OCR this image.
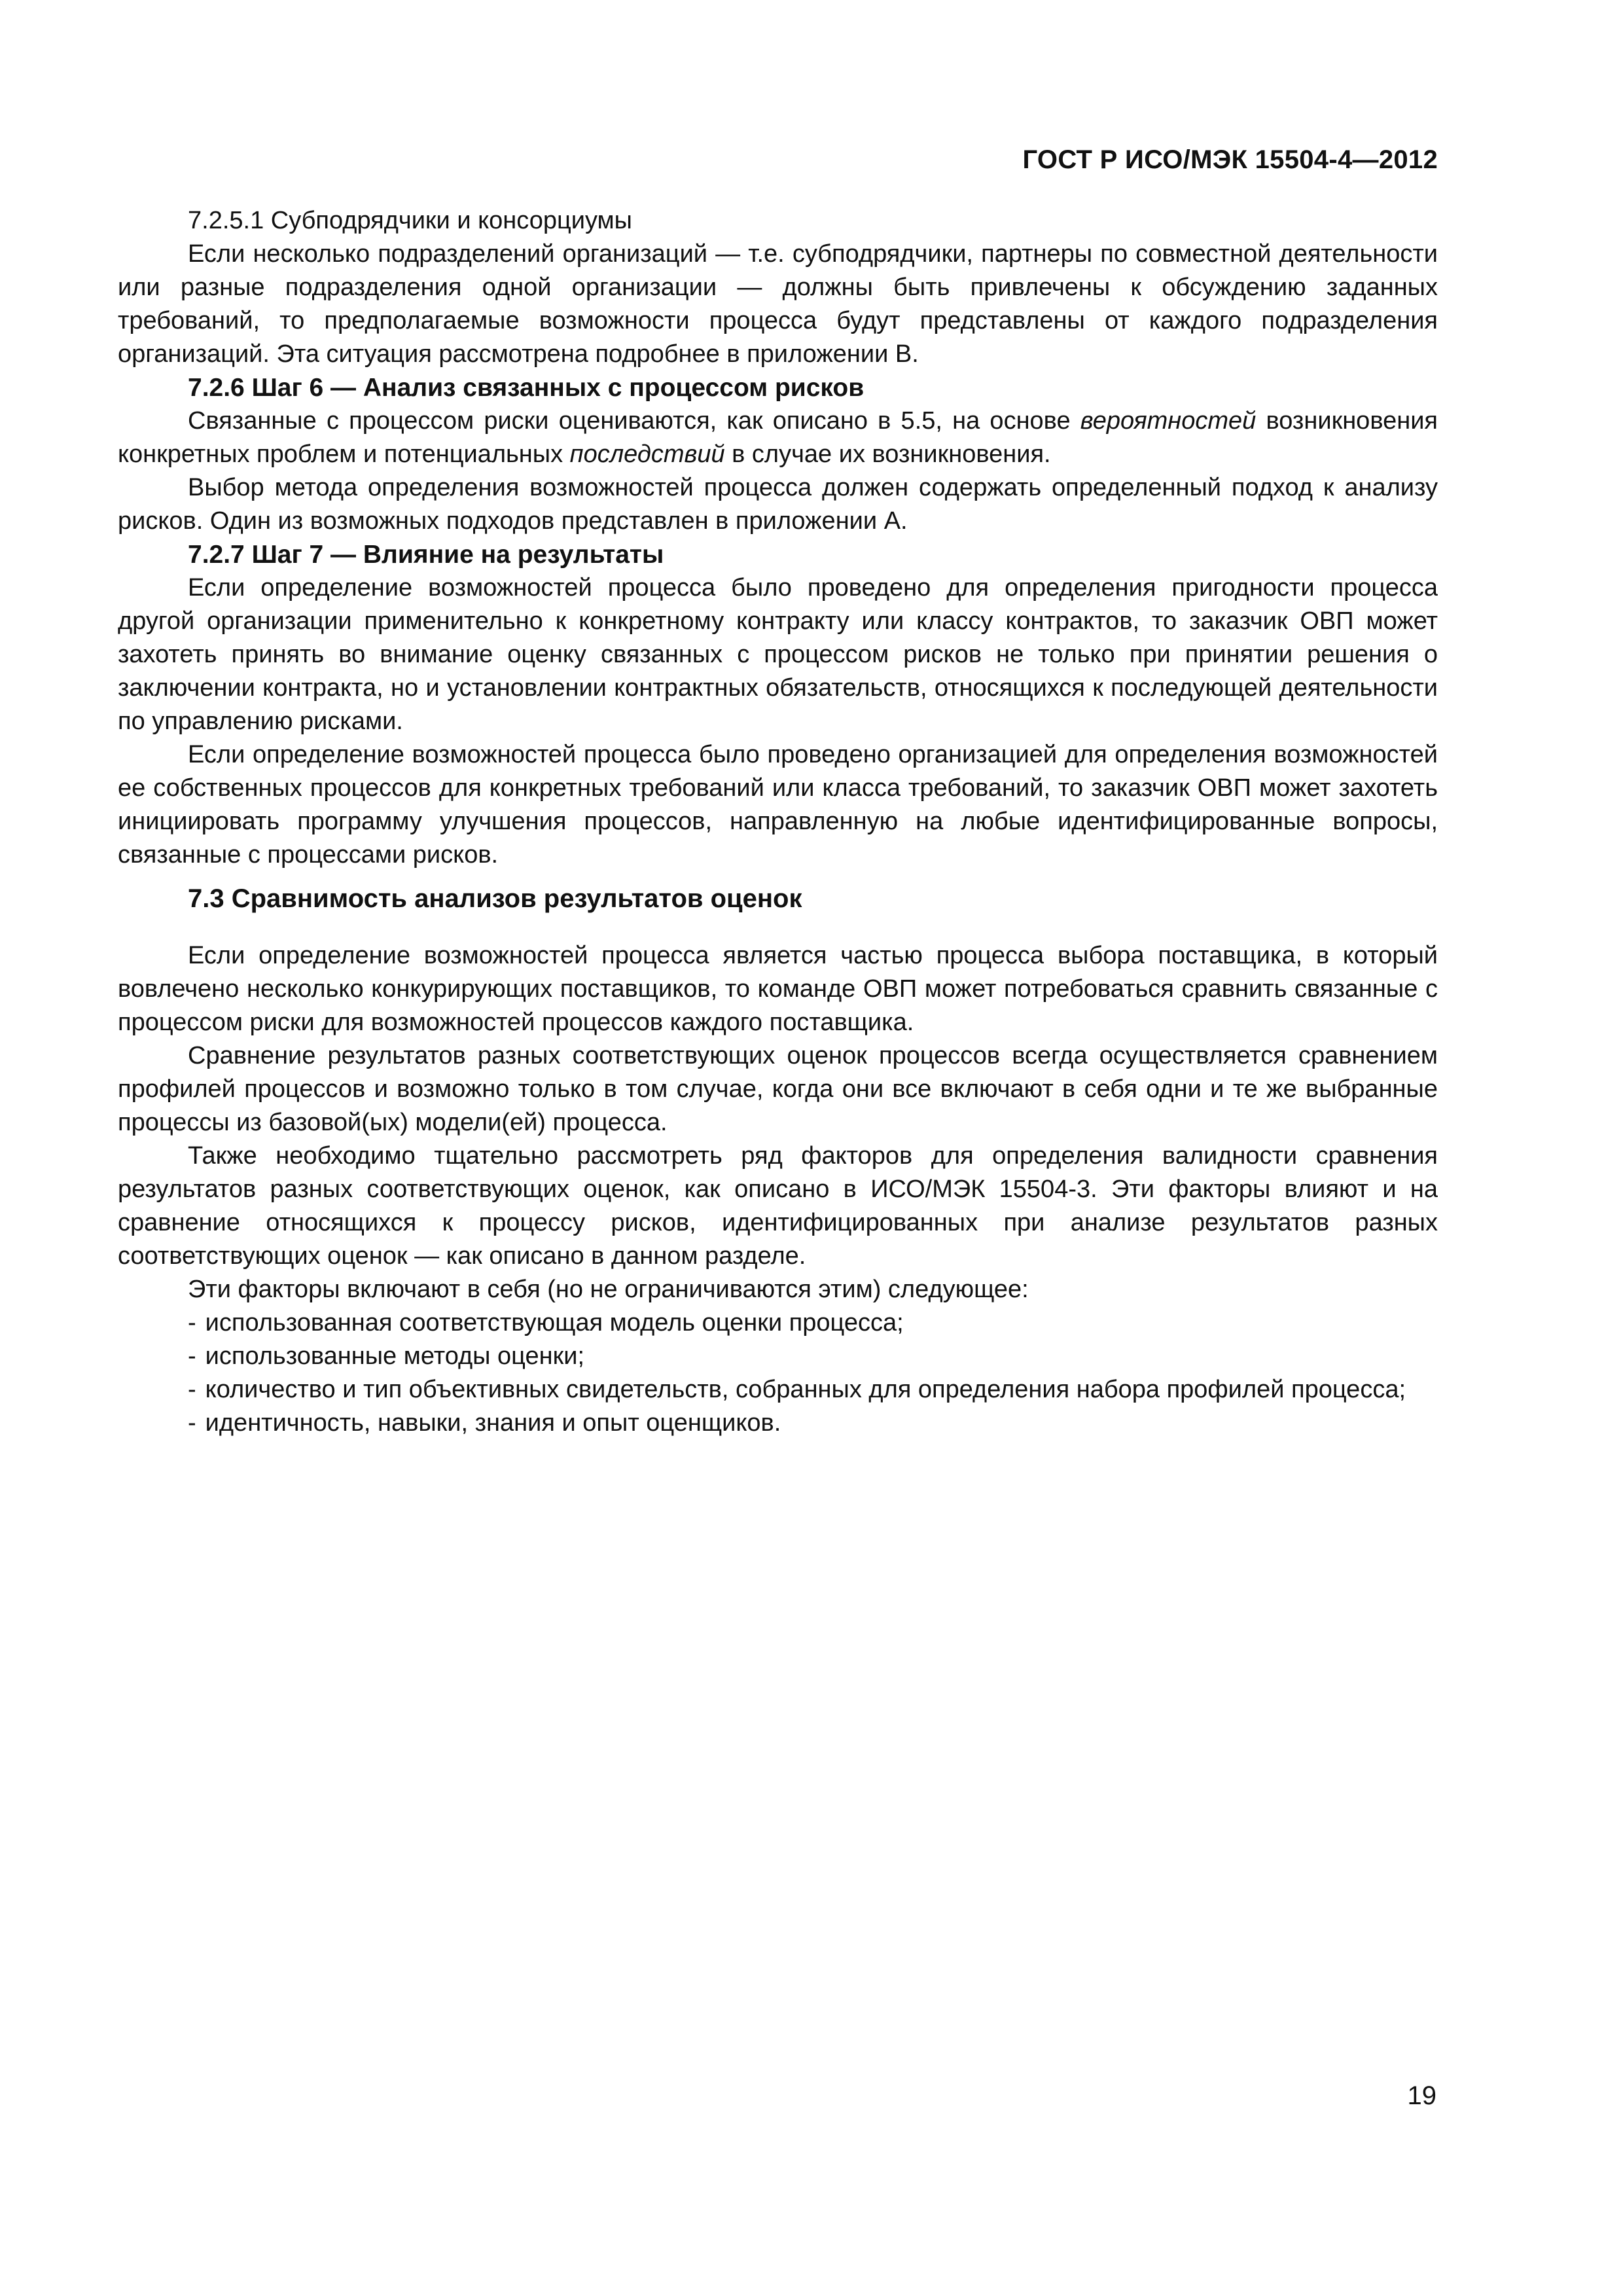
ГОСТ Р ИСО/МЭК 15504-4—2012
7.2.5.1 Субподрядчики и консорциумы

Если несколько подразделений организаций — т.е. субподрядчики, партнеры по совместной деятельности или разные подразделения одной организации — должны быть привлечены к обсуждению заданных требований, то предполагаемые возможности процесса будут представлены от каждого подразделения организаций. Эта ситуация рассмотрена подробнее в приложении В.

7.2.6 Шаг 6 — Анализ связанных с процессом рисков

Связанные с процессом риски оцениваются, как описано в 5.5, на основе вероятностей возникновения конкретных проблем и потенциальных последствий в случае их возникновения.

Выбор метода определения возможностей процесса должен содержать определенный подход к анализу рисков. Один из возможных подходов представлен в приложении А.

7.2.7 Шаг 7 — Влияние на результаты

Если определение возможностей процесса было проведено для определения пригодности процесса другой организации применительно к конкретному контракту или классу контрактов, то заказчик ОВП может захотеть принять во внимание оценку связанных с процессом рисков не только при принятии решения о заключении контракта, но и установлении контрактных обязательств, относящихся к последующей деятельности по управлению рисками.

Если определение возможностей процесса было проведено организацией для определения возможностей ее собственных процессов для конкретных требований или класса требований, то заказчик ОВП может захотеть инициировать программу улучшения процессов, направленную на любые идентифицированные вопросы, связанные с процессами рисков.

7.3 Сравнимость анализов результатов оценок

Если определение возможностей процесса является частью процесса выбора поставщика, в который вовлечено несколько конкурирующих поставщиков, то команде ОВП может потребоваться сравнить связанные с процессом риски для возможностей процессов каждого поставщика.

Сравнение результатов разных соответствующих оценок процессов всегда осуществляется сравнением профилей процессов и возможно только в том случае, когда они все включают в себя одни и те же выбранные процессы из базовой(ых) модели(ей) процесса.

Также необходимо тщательно рассмотреть ряд факторов для определения валидности сравнения результатов разных соответствующих оценок, как описано в ИСО/МЭК 15504-3. Эти факторы влияют и на сравнение относящихся к процессу рисков, идентифицированных при анализе результатов разных соответствующих оценок — как описано в данном разделе.

Эти факторы включают в себя (но не ограничиваются этим) следующее:

- использованная соответствующая модель оценки процесса;

- использованные методы оценки;

- количество и тип объективных свидетельств, собранных для определения набора профилей процесса;

- идентичность, навыки, знания и опыт оценщиков.

19
